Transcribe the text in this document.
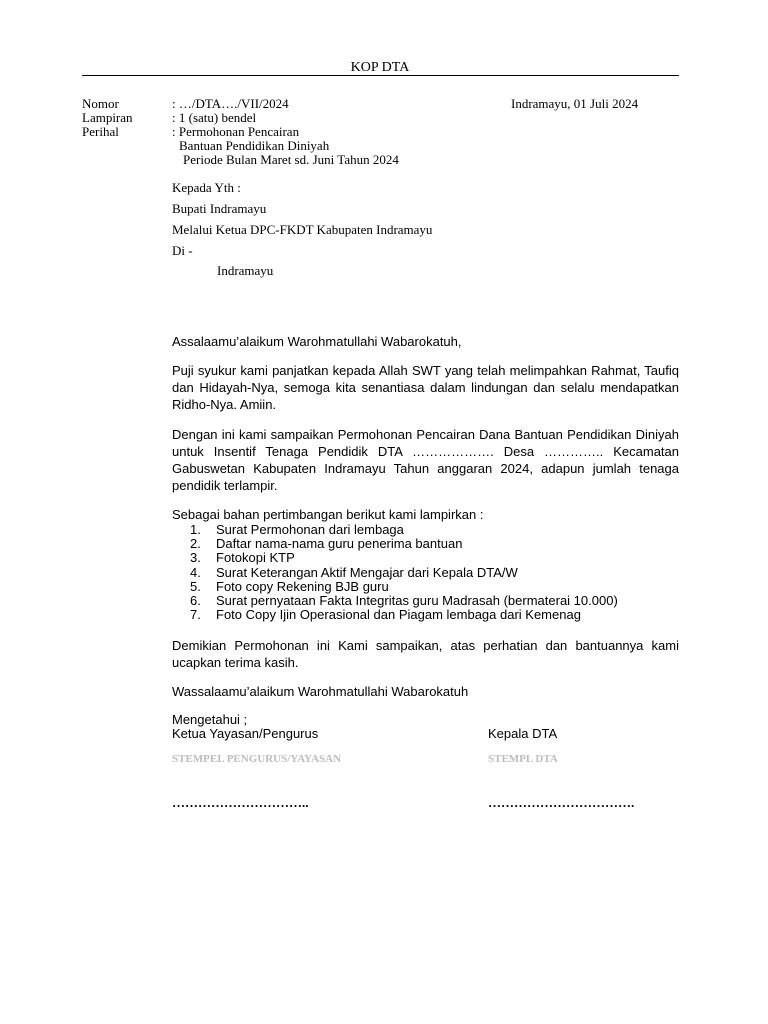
KOP DTA
Nomor	: …/DTA…./VII/2024	Indramayu, 01 Juli 2024
Lampiran	: 1 (satu) bendel
Perihal	: Permohonan Pencairan
Bantuan Pendidikan Diniyah
Periode Bulan Maret sd. Juni Tahun 2024
Kepada Yth :
Bupati Indramayu
Melalui Ketua DPC-FKDT Kabupaten Indramayu
Di -
Indramayu
Assalaamu’alaikum Warohmatullahi Wabarokatuh,
Puji syukur kami panjatkan kepada Allah SWT yang telah melimpahkan Rahmat, Taufiq dan Hidayah-Nya, semoga kita senantiasa dalam lindungan dan selalu mendapatkan Ridho-Nya. Amiin.
Dengan ini kami sampaikan Permohonan Pencairan Dana Bantuan Pendidikan Diniyah untuk Insentif Tenaga Pendidik DTA ………………. Desa ………….. Kecamatan Gabuswetan Kabupaten Indramayu Tahun anggaran 2024, adapun jumlah tenaga pendidik terlampir.
Sebagai bahan pertimbangan berikut kami lampirkan :
1. Surat Permohonan dari lembaga
2. Daftar nama-nama guru penerima bantuan
3. Fotokopi KTP
4. Surat Keterangan Aktif Mengajar dari Kepala DTA/W
5. Foto copy Rekening BJB guru
6. Surat pernyataan Fakta Integritas guru Madrasah (bermaterai 10.000)
7. Foto Copy Ijin Operasional dan Piagam lembaga dari Kemenag
Demikian Permohonan ini Kami sampaikan, atas perhatian dan bantuannya kami ucapkan terima kasih.
Wassalaamu’alaikum Warohmatullahi Wabarokatuh
Mengetahui ;
Ketua Yayasan/Pengurus	Kepala DTA
STEMPEL PENGURUS/YAYASAN	STEMPL DTA
…………………………..	…………………………….
